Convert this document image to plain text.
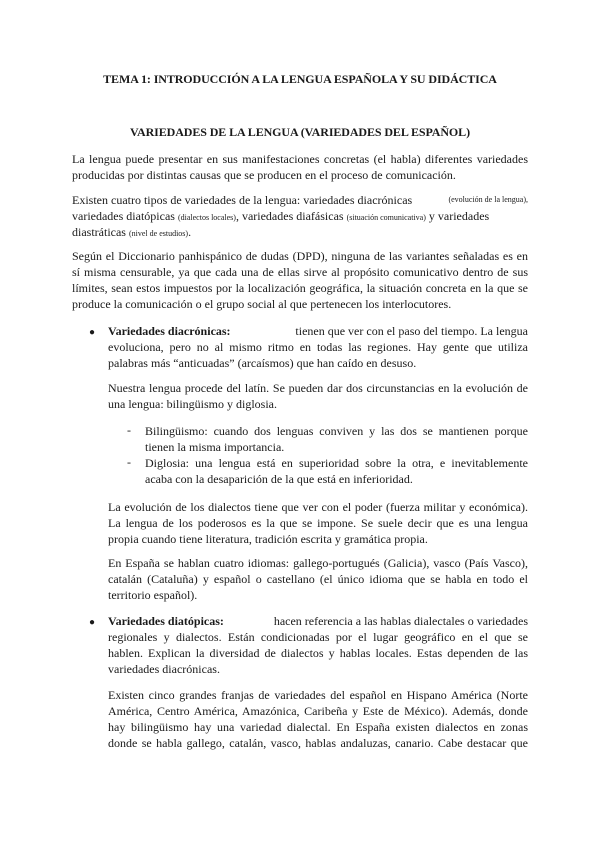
TEMA 1: INTRODUCCIÓN A LA LENGUA ESPAÑOLA Y SU DIDÁCTICA
VARIEDADES DE LA LENGUA (VARIEDADES DEL ESPAÑOL)
La lengua puede presentar en sus manifestaciones concretas (el habla) diferentes variedades
producidas por distintas causas que se producen en el proceso de comunicación.
Existen cuatro tipos de variedades de la lengua: variedades diacrónicas	(evolución de la lengua),
variedades diatópicas (dialectos locales), variedades diafásicas (situación comunicativa) y variedades
diastráticas (nivel de estudios).
Según el Diccionario panhispánico de dudas (DPD), ninguna de las variantes señaladas es en
sí misma censurable, ya que cada una de ellas sirve al propósito comunicativo dentro de sus
límites, sean estos impuestos por la localización geográfica, la situación concreta en la que se
produce la comunicación o el grupo social al que pertenecen los interlocutores.
● Variedades diacrónicas:	tienen que ver con el paso del tiempo. La lengua
evoluciona, pero no al mismo ritmo en todas las regiones. Hay gente que utiliza
palabras más “anticuadas” (arcaísmos) que han caído en desuso.
Nuestra lengua procede del latín. Se pueden dar dos circunstancias en la evolución de
una lengua: bilingüismo y diglosia.
- Bilingüismo: cuando dos lenguas conviven y las dos se mantienen porque
tienen la misma importancia.
- Diglosia: una lengua está en superioridad sobre la otra, e inevitablemente
acaba con la desaparición de la que está en inferioridad.
La evolución de los dialectos tiene que ver con el poder (fuerza militar y económica).
La lengua de los poderosos es la que se impone. Se suele decir que es una lengua
propia cuando tiene literatura, tradición escrita y gramática propia.
En España se hablan cuatro idiomas: gallego-portugués (Galicia), vasco (País Vasco),
catalán (Cataluña) y español o castellano (el único idioma que se habla en todo el
territorio español).
● Variedades diatópicas:	hacen referencia a las hablas dialectales o variedades
regionales y dialectos. Están condicionadas por el lugar geográfico en el que se
hablen. Explican la diversidad de dialectos y hablas locales. Estas dependen de las
variedades diacrónicas.
Existen cinco grandes franjas de variedades del español en Hispano América (Norte
América, Centro América, Amazónica, Caribeña y Este de México). Además, donde
hay bilingüismo hay una variedad dialectal. En España existen dialectos en zonas
donde se habla gallego, catalán, vasco, hablas andaluzas, canario. Cabe destacar que
